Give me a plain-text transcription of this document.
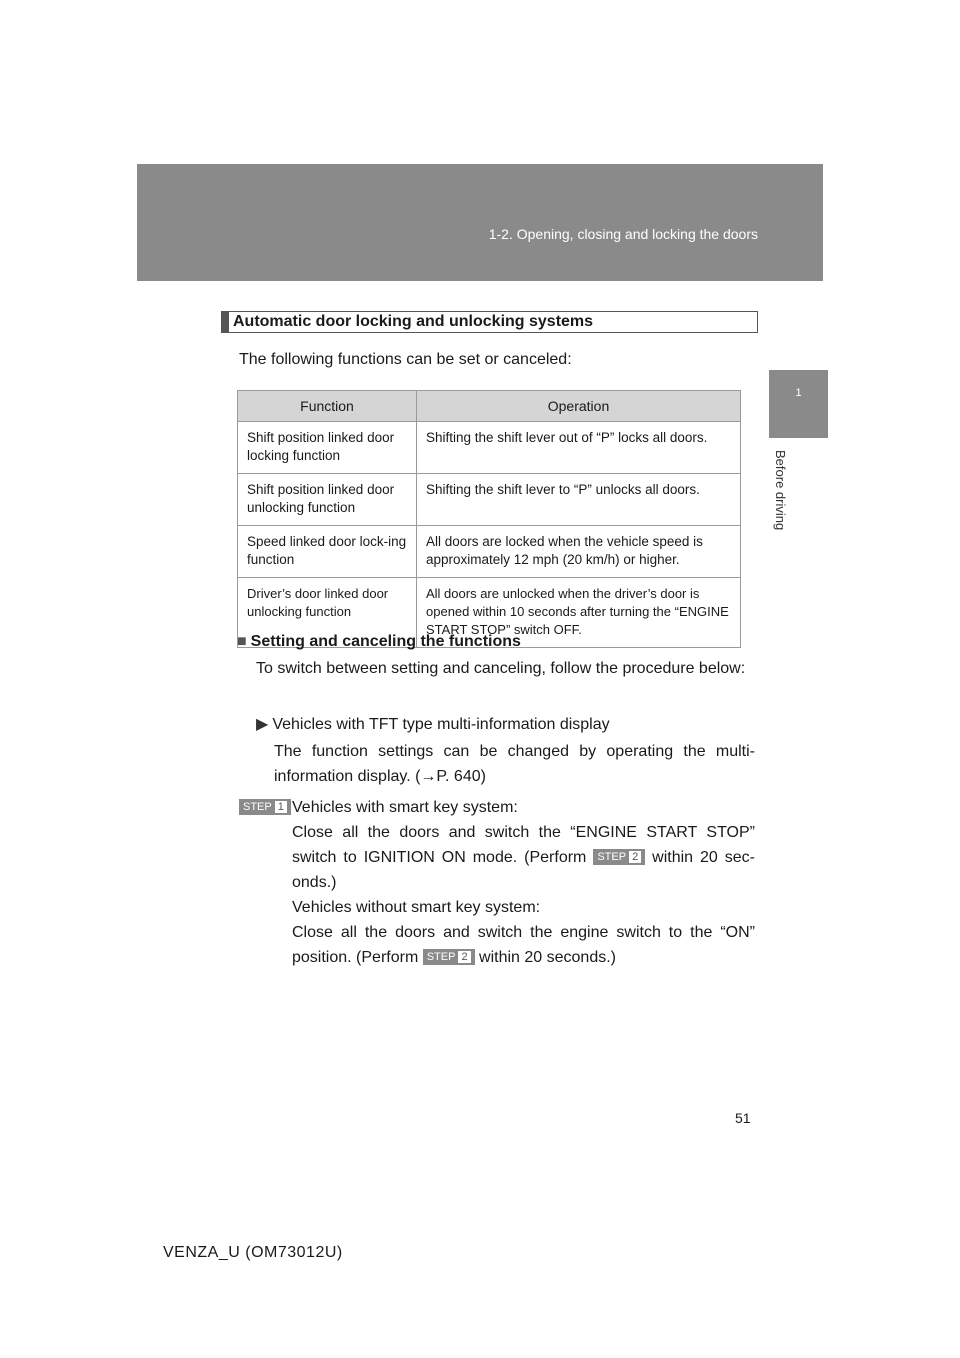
1-2. Opening, closing and locking the doors
1
Before driving
Automatic door locking and unlocking systems
The following functions can be set or canceled:
Function	Operation
Shift position linked door locking function	Shifting the shift lever out of “P” locks all doors.
Shift position linked door unlocking function	Shifting the shift lever to “P” unlocks all doors.
Speed linked door lock-ing function	All doors are locked when the vehicle speed is approximately 12 mph (20 km/h) or higher.
Driver’s door linked door unlocking function	All doors are unlocked when the driver’s door is opened within 10 seconds after turning the “ENGINE START STOP” switch OFF.
■ Setting and canceling the functions
To switch between setting and canceling, follow the procedure below:
▶ Vehicles with TFT type multi-information display
The function settings can be changed by operating the multi-information display. (→P. 640)
STEP 1 Vehicles with smart key system:
Close all the doors and switch the “ENGINE START STOP” switch to IGNITION ON mode. (Perform STEP 2 within 20 sec-onds.)
Vehicles without smart key system:
Close all the doors and switch the engine switch to the “ON” position. (Perform STEP 2 within 20 seconds.)
51
VENZA_U (OM73012U)
